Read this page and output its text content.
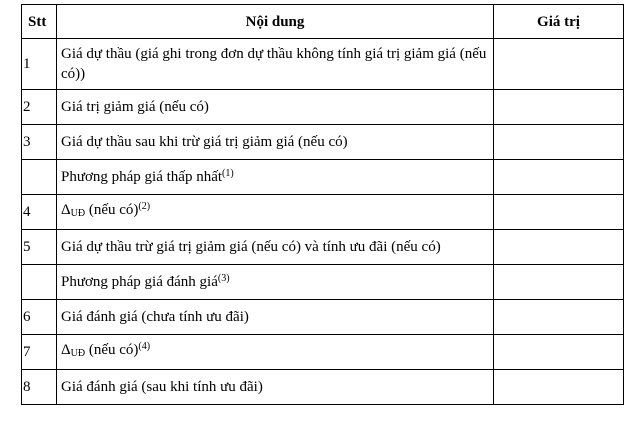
Stt	Nội dung	Giá trị
1	Giá dự thầu (giá ghi trong đơn dự thầu không tính giá trị giảm giá (nếu có))	
2	Giá trị giảm giá (nếu có)	
3	Giá dự thầu sau khi trừ giá trị giảm giá (nếu có)	
	Phương pháp giá thấp nhất$^{(1)}$	
4	ΔUĐ (nếu có)$^{(2)}$	
5	Giá dự thầu trừ giá trị giảm giá (nếu có) và tính ưu đãi (nếu có)	
	Phương pháp giá đánh giá$^{(3)}$	
6	Giá đánh giá (chưa tính ưu đãi)	
7	ΔUĐ (nếu có)$^{(4)}$	
8	Giá đánh giá (sau khi tính ưu đãi)	
